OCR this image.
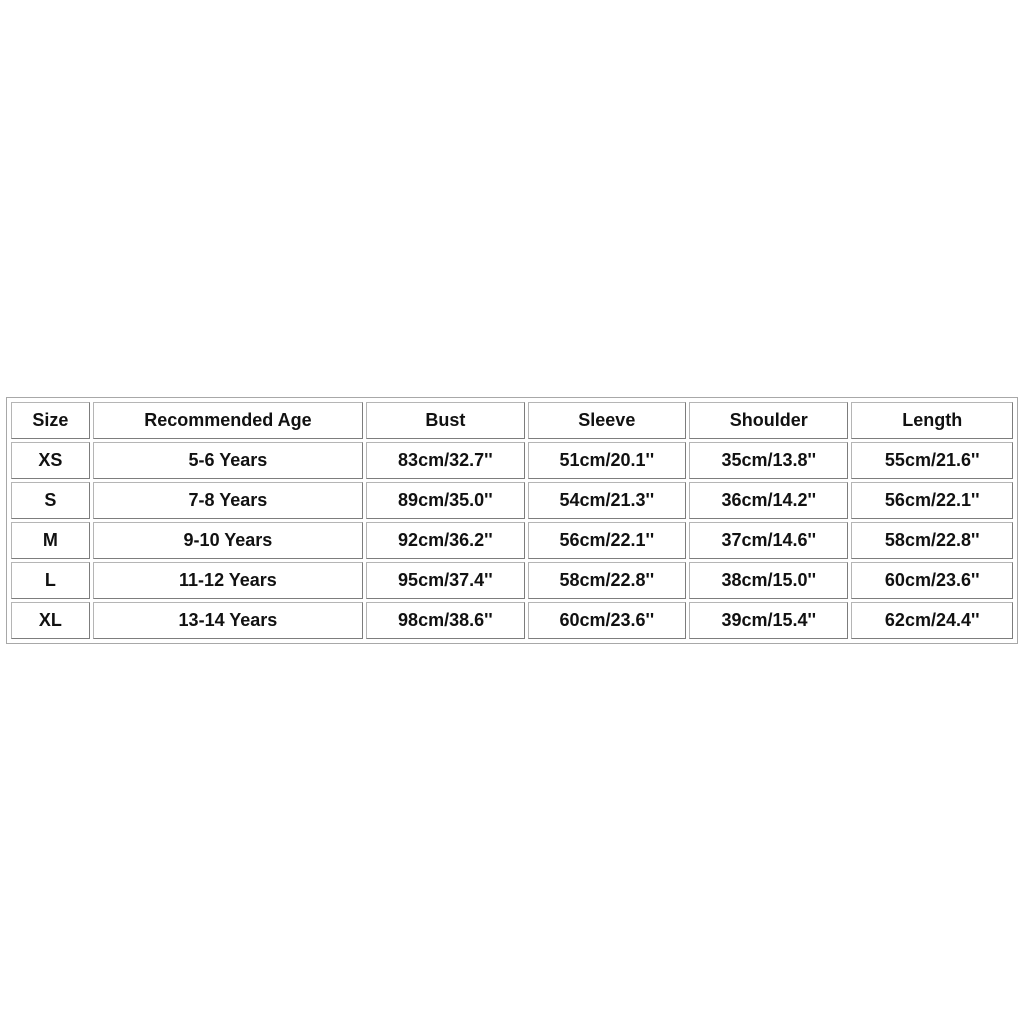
Size	Recommended Age	Bust	Sleeve	Shoulder	Length
XS	5-6 Years	83cm/32.7''	51cm/20.1''	35cm/13.8''	55cm/21.6''
S	7-8 Years	89cm/35.0''	54cm/21.3''	36cm/14.2''	56cm/22.1''
M	9-10 Years	92cm/36.2''	56cm/22.1''	37cm/14.6''	58cm/22.8''
L	11-12 Years	95cm/37.4''	58cm/22.8''	38cm/15.0''	60cm/23.6''
XL	13-14 Years	98cm/38.6''	60cm/23.6''	39cm/15.4''	62cm/24.4''
